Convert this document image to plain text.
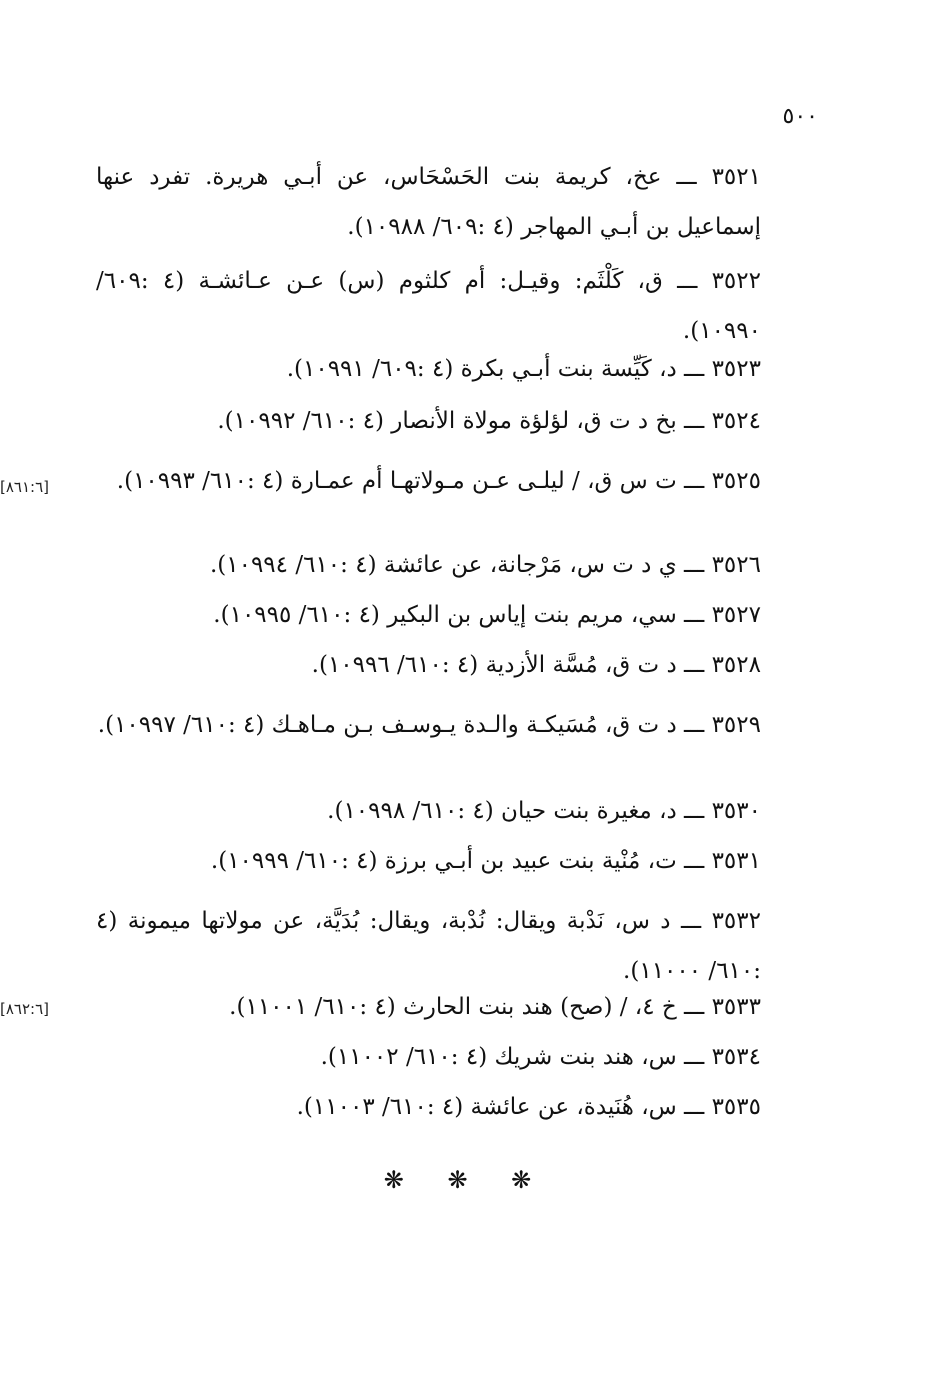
٥٠٠
٣٥٢١ ـــ عخ، كريمة بنت الحَسْحَاس، عن أبـي هريرة. تفرد عنها إسماعيل بن أبـي المهاجر (٤ :٦٠٩/ ١٠٩٨٨).
٣٥٢٢ ـــ ق، كَلْثَم: وقيـل: أم كلثوم (س) عـن عـائشـة (٤ :٦٠٩/ ١٠٩٩٠).
٣٥٢٣ ـــ د، كَيِّسة بنت أبـي بكرة (٤ :٦٠٩/ ١٠٩٩١).
٣٥٢٤ ـــ بخ د ت ق، لؤلؤة مولاة الأنصار (٤ :٦١٠/ ١٠٩٩٢).
[٨٦١:٦]	٣٥٢٥ ـــ ت س ق، / ليلـى عـن مـولاتهـا أم عمـارة (٤ :٦١٠/ ١٠٩٩٣).
٣٥٢٦ ـــ ي د ت س، مَرْجانة، عن عائشة (٤ :٦١٠/ ١٠٩٩٤).
٣٥٢٧ ـــ سي، مريم بنت إياس بن البكير (٤ :٦١٠/ ١٠٩٩٥).
٣٥٢٨ ـــ د ت ق، مُسَّة الأزدية (٤ :٦١٠/ ١٠٩٩٦).
٣٥٢٩ ـــ د ت ق، مُسَيكـة والـدة يـوسـف بـن مـاهـك (٤ :٦١٠/ ١٠٩٩٧).
٣٥٣٠ ـــ د، مغيرة بنت حيان (٤ :٦١٠/ ١٠٩٩٨).
٣٥٣١ ـــ ت، مُنْية بنت عبيد بن أبـي برزة (٤ :٦١٠/ ١٠٩٩٩).
٣٥٣٢ ـــ د س، نَدْبة ويقال: نُدْبة، ويقال: بُدَيَّة، عن مولاتها ميمونة (٤ :٦١٠/ ١١٠٠٠).
[٨٦٢:٦]	٣٥٣٣ ـــ خ ٤، / (صح) هند بنت الحارث (٤ :٦١٠/ ١١٠٠١).
٣٥٣٤ ـــ س، هند بنت شريك (٤ :٦١٠/ ١١٠٠٢).
٣٥٣٥ ـــ س، هُنَيدة، عن عائشة (٤ :٦١٠/ ١١٠٠٣).
❋ ❋ ❋
